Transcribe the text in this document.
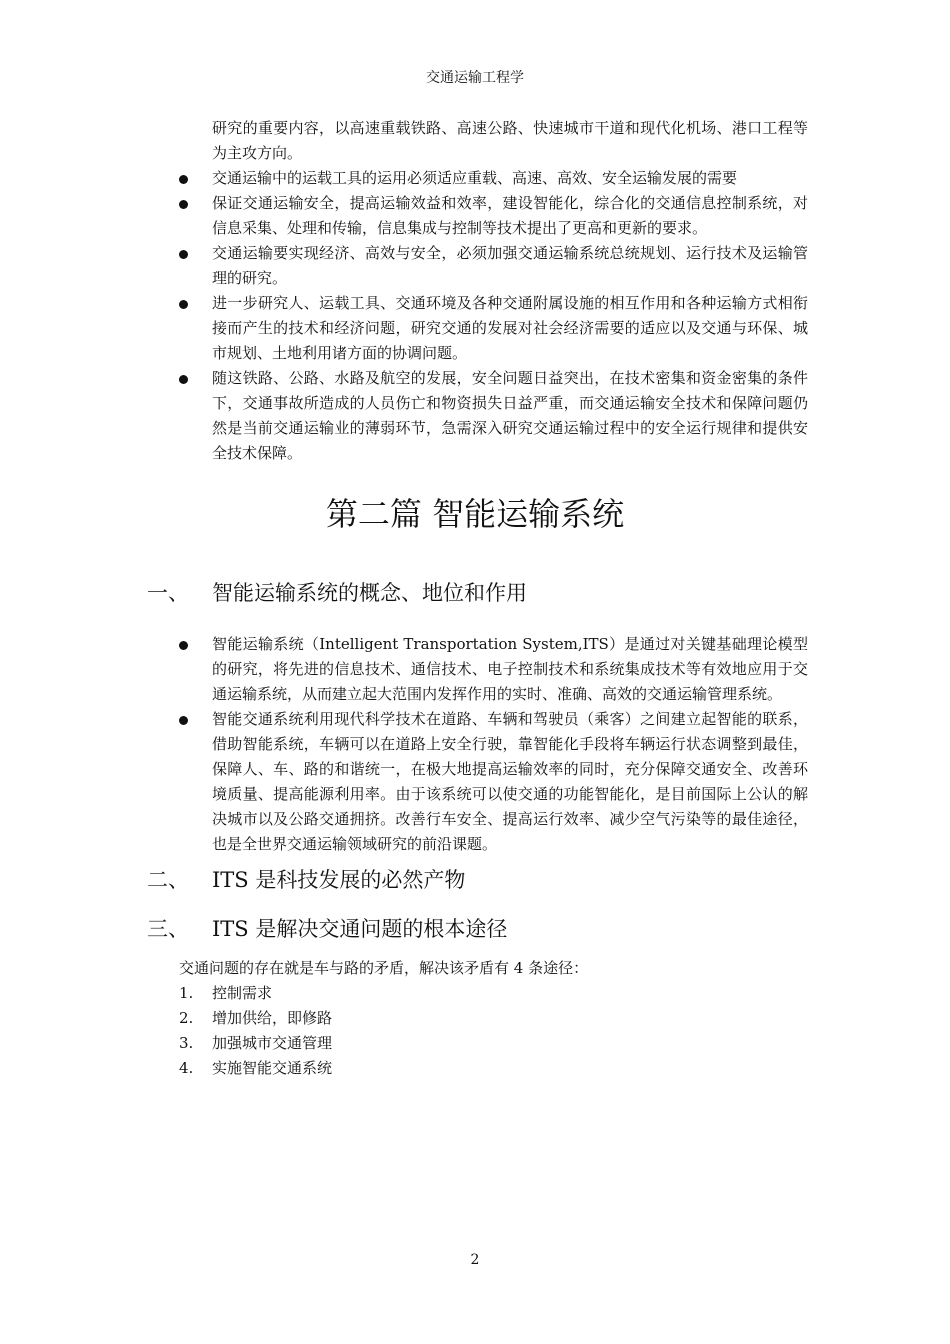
交通运输工程学

研究的重要内容，以高速重载铁路、高速公路、快速城市干道和现代化机场、港口工程等为主攻方向。

交通运输中的运载工具的运用必须适应重载、高速、高效、安全运输发展的需要
保证交通运输安全，提高运输效益和效率，建设智能化，综合化的交通信息控制系统，对信息采集、处理和传输，信息集成与控制等技术提出了更高和更新的要求。
交通运输要实现经济、高效与安全，必须加强交通运输系统总统规划、运行技术及运输管理的研究。
进一步研究人、运载工具、交通环境及各种交通附属设施的相互作用和各种运输方式相衔接而产生的技术和经济问题，研究交通的发展对社会经济需要的适应以及交通与环保、城市规划、土地利用诸方面的协调问题。
随这铁路、公路、水路及航空的发展，安全问题日益突出，在技术密集和资金密集的条件下，交通事故所造成的人员伤亡和物资损失日益严重，而交通运输安全技术和保障问题仍然是当前交通运输业的薄弱环节，急需深入研究交通运输过程中的安全运行规律和提供安全技术保障。
第二篇 智能运输系统
一、	智能运输系统的概念、地位和作用
智能运输系统（Intelligent Transportation System,ITS）是通过对关键基础理论模型的研究，将先进的信息技术、通信技术、电子控制技术和系统集成技术等有效地应用于交通运输系统，从而建立起大范围内发挥作用的实时、准确、高效的交通运输管理系统。
智能交通系统利用现代科学技术在道路、车辆和驾驶员（乘客）之间建立起智能的联系，借助智能系统，车辆可以在道路上安全行驶，靠智能化手段将车辆运行状态调整到最佳，保障人、车、路的和谐统一，在极大地提高运输效率的同时，充分保障交通安全、改善环境质量、提高能源利用率。由于该系统可以使交通的功能智能化，是目前国际上公认的解决城市以及公路交通拥挤。改善行车安全、提高运行效率、减少空气污染等的最佳途径，也是全世界交通运输领域研究的前沿课题。
二、	ITS 是科技发展的必然产物
三、	ITS 是解决交通问题的根本途径

交通问题的存在就是车与路的矛盾，解决该矛盾有 4 条途径：

1. 控制需求
2. 增加供给，即修路
3. 加强城市交通管理
4. 实施智能交通系统
2
